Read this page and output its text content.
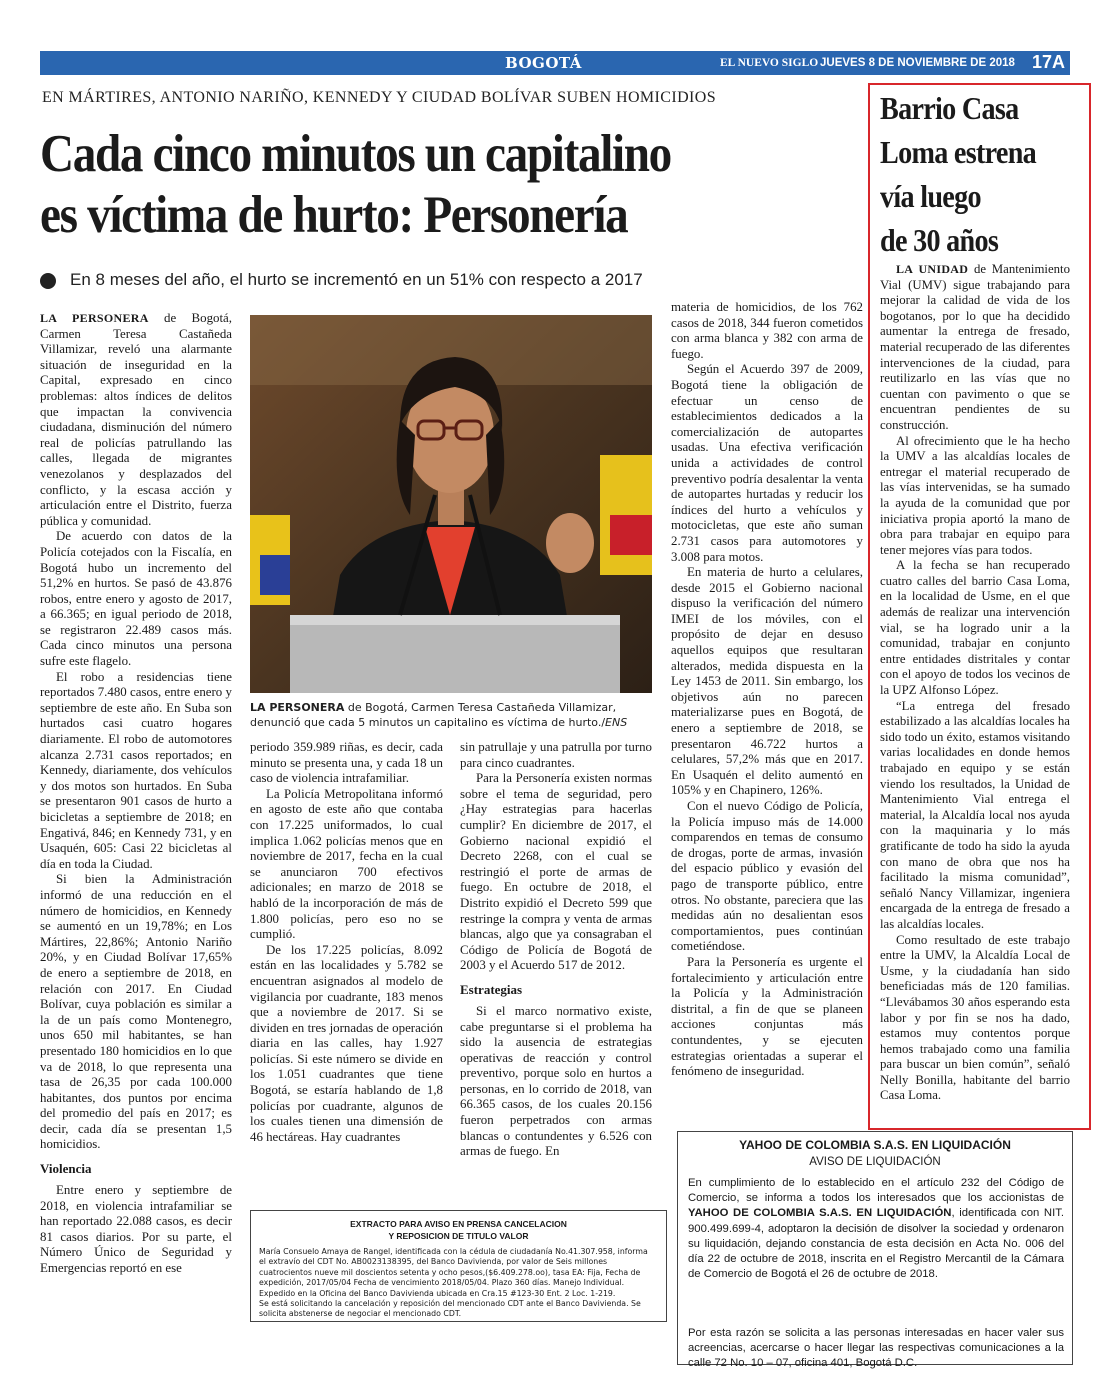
BOGOTÁ	EL NUEVO SIGLO JUEVES 8 DE NOVIEMBRE DE 2018 17A
EN MÁRTIRES, ANTONIO NARIÑO, KENNEDY Y CIUDAD BOLÍVAR SUBEN HOMICIDIOS
Cada cinco minutos un capitalino
es víctima de hurto: Personería
En 8 meses del año, el hurto se incrementó en un 51% con respecto a 2017

LA PERSONERA de Bogotá, Carmen Teresa Castañeda Villamizar, reveló una alarmante situación de inseguridad en la Capital, expresado en cinco problemas: altos índices de delitos que impactan la convivencia ciudadana, disminución del número real de policías patrullando las calles, llegada de migrantes venezolanos y desplazados del conflicto, y la escasa acción y articulación entre el Distrito, fuerza pública y comunidad.

De acuerdo con datos de la Policía cotejados con la Fiscalía, en Bogotá hubo un incremento del 51,2% en hurtos. Se pasó de 43.876 robos, entre enero y agosto de 2017, a 66.365; en igual periodo de 2018, se registraron 22.489 casos más. Cada cinco minutos una persona sufre este flagelo.

El robo a residencias tiene reportados 7.480 casos, entre enero y septiembre de este año. En Suba son hurtados casi cuatro hogares diariamente. El robo de automotores alcanza 2.731 casos reportados; en Kennedy, diariamente, dos vehículos y dos motos son hurtados. En Suba se presentaron 901 casos de hurto a bicicletas a septiembre de 2018; en Engativá, 846; en Kennedy 731, y en Usaquén, 605: Casi 22 bicicletas al día en toda la Ciudad.

Si bien la Administración informó de una reducción en el número de homicidios, en Kennedy se aumentó en un 19,78%; en Los Mártires, 22,86%; Antonio Nariño 20%, y en Ciudad Bolívar 17,65% de enero a septiembre de 2018, en relación con 2017. En Ciudad Bolívar, cuya población es similar a la de un país como Montenegro, unos 650 mil habitantes, se han presentado 180 homicidios en lo que va de 2018, lo que representa una tasa de 26,35 por cada 100.000 habitantes, dos puntos por encima del promedio del país en 2017; es decir, cada día se presentan 1,5 homicidios.

Violencia

Entre enero y septiembre de 2018, en violencia intrafamiliar se han reportado 22.088 casos, es decir 81 casos diarios. Por su parte, el Número Único de Seguridad y Emergencias reportó en ese

LA PERSONERA de Bogotá, Carmen Teresa Castañeda Villamizar, denunció que cada 5 minutos un capitalino es víctima de hurto./ENS

periodo 359.989 riñas, es decir, cada minuto se presenta una, y cada 18 un caso de violencia intrafamiliar.

La Policía Metropolitana informó en agosto de este año que contaba con 17.225 uniformados, lo cual implica 1.062 policías menos que en noviembre de 2017, fecha en la cual se anunciaron 700 efectivos adicionales; en marzo de 2018 se habló de la incorporación de más de 1.800 policías, pero eso no se cumplió.

De los 17.225 policías, 8.092 están en las localidades y 5.782 se encuentran asignados al modelo de vigilancia por cuadrante, 183 menos que a noviembre de 2017. Si se dividen en tres jornadas de operación diaria en las calles, hay 1.927 policías. Si este número se divide en los 1.051 cuadrantes que tiene Bogotá, se estaría hablando de 1,8 policías por cuadrante, algunos de los cuales tienen una dimensión de 46 hectáreas. Hay cuadrantes

sin patrullaje y una patrulla por turno para cinco cuadrantes.

Para la Personería existen normas sobre el tema de seguridad, pero ¿Hay estrategias para hacerlas cumplir? En diciembre de 2017, el Gobierno nacional expidió el Decreto 2268, con el cual se restringió el porte de armas de fuego. En octubre de 2018, el Distrito expidió el Decreto 599 que restringe la compra y venta de armas blancas, algo que ya consagraban el Código de Policía de Bogotá de 2003 y el Acuerdo 517 de 2012.

Estrategias

Si el marco normativo existe, cabe preguntarse si el problema ha sido la ausencia de estrategias operativas de reacción y control preventivo, porque solo en hurtos a personas, en lo corrido de 2018, van 66.365 casos, de los cuales 20.156 fueron perpetrados con armas blancas o contundentes y 6.526 con armas de fuego. En

materia de homicidios, de los 762 casos de 2018, 344 fueron cometidos con arma blanca y 382 con arma de fuego.

Según el Acuerdo 397 de 2009, Bogotá tiene la obligación de efectuar un censo de establecimientos dedicados a la comercialización de autopartes usadas. Una efectiva verificación unida a actividades de control preventivo podría desalentar la venta de autopartes hurtadas y reducir los índices del hurto a vehículos y motocicletas, que este año suman 2.731 casos para automotores y 3.008 para motos.

En materia de hurto a celulares, desde 2015 el Gobierno nacional dispuso la verificación del número IMEI de los móviles, con el propósito de dejar en desuso aquellos equipos que resultaran alterados, medida dispuesta en la Ley 1453 de 2011. Sin embargo, los objetivos aún no parecen materializarse pues en Bogotá, de enero a septiembre de 2018, se presentaron 46.722 hurtos a celulares, 57,2% más que en 2017. En Usaquén el delito aumentó en 105% y en Chapinero, 126%.

Con el nuevo Código de Policía, la Policía impuso más de 14.000 comparendos en temas de consumo de drogas, porte de armas, invasión del espacio público y evasión del pago de transporte público, entre otros. No obstante, pareciera que las medidas aún no desalientan esos comportamientos, pues continúan cometiéndose.

Para la Personería es urgente el fortalecimiento y articulación entre la Policía y la Administración distrital, a fin de que se planeen acciones conjuntas más contundentes, y se ejecuten estrategias orientadas a superar el fenómeno de inseguridad.

Barrio Casa
Loma estrena
vía luego
de 30 años

LA UNIDAD de Mantenimiento Vial (UMV) sigue trabajando para mejorar la calidad de vida de los bogotanos, por lo que ha decidido aumentar la entrega de fresado, material recuperado de las diferentes intervenciones de la ciudad, para reutilizarlo en las vías que no cuentan con pavimento o que se encuentran pendientes de su construcción.

Al ofrecimiento que le ha hecho la UMV a las alcaldías locales de entregar el material recuperado de las vías intervenidas, se ha sumado la ayuda de la comunidad que por iniciativa propia aportó la mano de obra para trabajar en equipo para tener mejores vías para todos.

A la fecha se han recuperado cuatro calles del barrio Casa Loma, en la localidad de Usme, en el que además de realizar una intervención vial, se ha logrado unir a la comunidad, trabajar en conjunto entre entidades distritales y contar con el apoyo de todos los vecinos de la UPZ Alfonso López.

“La entrega del fresado estabilizado a las alcaldías locales ha sido todo un éxito, estamos visitando varias localidades en donde hemos trabajado en equipo y se están viendo los resultados, la Unidad de Mantenimiento Vial entrega el material, la Alcaldía local nos ayuda con la maquinaria y lo más gratificante de todo ha sido la ayuda con mano de obra que nos ha facilitado la misma comunidad”, señaló Nancy Villamizar, ingeniera encargada de la entrega de fresado a las alcaldías locales.

Como resultado de este trabajo entre la UMV, la Alcaldía Local de Usme, y la ciudadanía han sido beneficiadas más de 120 familias. “Llevábamos 30 años esperando esta labor y por fin se nos ha dado, estamos muy contentos porque hemos trabajado como una familia para buscar un bien común”, señaló Nelly Bonilla, habitante del barrio Casa Loma.

YAHOO DE COLOMBIA S.A.S. EN LIQUIDACIÓN
AVISO DE LIQUIDACIÓN
En cumplimiento de lo establecido en el artículo 232 del Código de Comercio, se informa a todos los interesados que los accionistas de YAHOO DE COLOMBIA S.A.S. EN LIQUIDACIÓN, identificada con NIT. 900.499.699-4, adoptaron la decisión de disolver la sociedad y ordenaron su liquidación, dejando constancia de esta decisión en Acta No. 006 del día 22 de octubre de 2018, inscrita en el Registro Mercantil de la Cámara de Comercio de Bogotá el 26 de octubre de 2018.
Por esta razón se solicita a las personas interesadas en hacer valer sus acreencias, acercarse o hacer llegar las respectivas comunicaciones a la calle 72 No. 10 – 07, oficina 401, Bogotá D.C.
EXTRACTO PARA AVISO EN PRENSA CANCELACION
Y REPOSICION DE TITULO VALOR
María Consuelo Amaya de Rangel, identificada con la cédula de ciudadanía No.41.307.958, informa el extravío del CDT No. AB0023138395, del Banco Davivienda, por valor de Seis millones cuatrocientos nueve mil doscientos setenta y ocho pesos,($6.409.278.oo), tasa EA: Fija, Fecha de expedición, 2017/05/04 Fecha de vencimiento 2018/05/04. Plazo 360 días. Manejo Individual. Expedido en la Oficina del Banco Davivienda ubicada en Cra.15 #123-30 Ent. 2 Loc. 1-219.
Se está solicitando la cancelación y reposición del mencionado CDT ante el Banco Davivienda. Se solicita abstenerse de negociar el mencionado CDT.
